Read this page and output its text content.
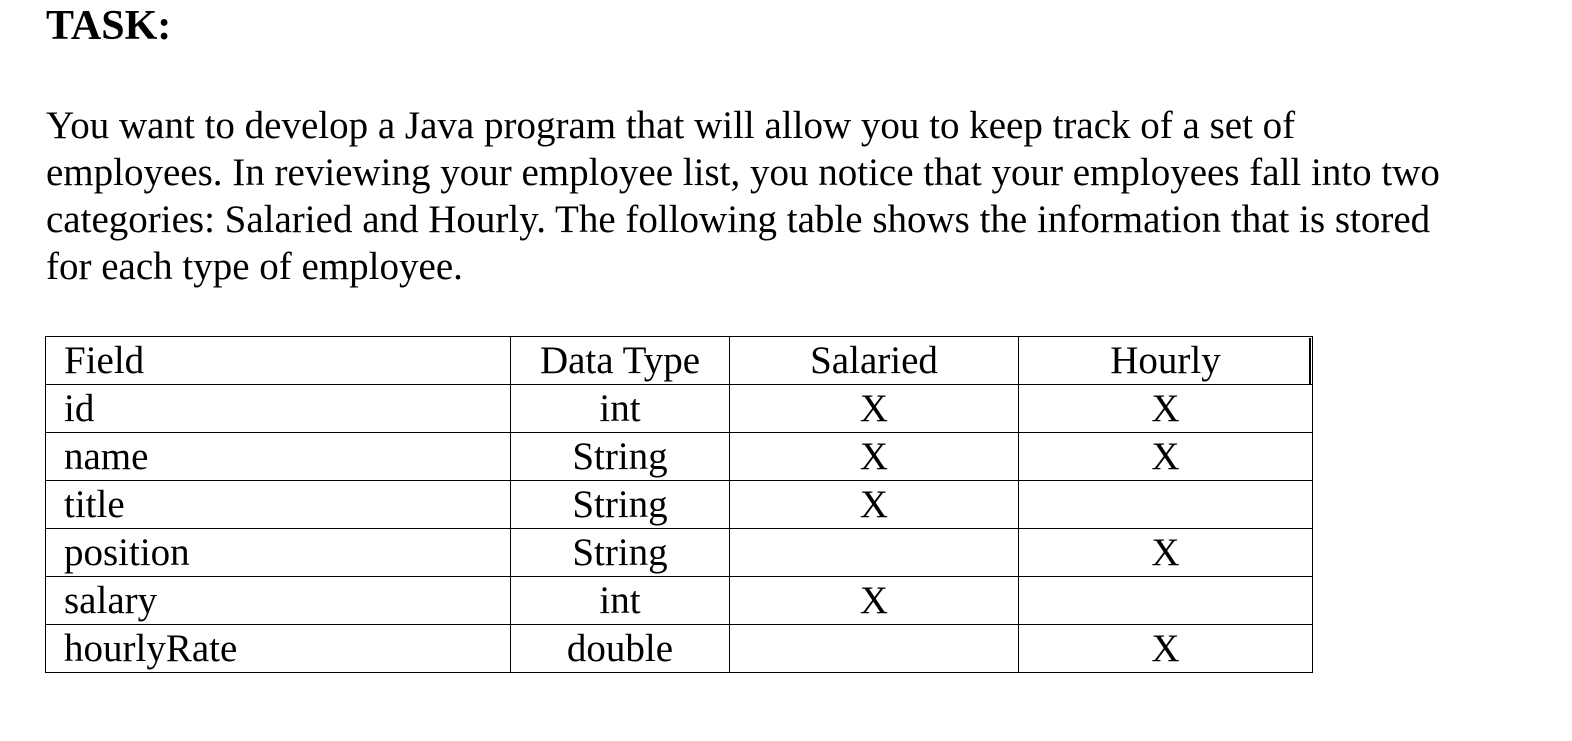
TASK:

You want to develop a Java program that will allow you to keep track of a set of
employees. In reviewing your employee list, you notice that your employees fall into two
categories: Salaried and Hourly. The following table shows the information that is stored
for each type of employee.

Field	Data Type	Salaried	Hourly
id	int	X	X
name	String	X	X
title	String	X	
position	String		X
salary	int	X	
hourlyRate	double		X
